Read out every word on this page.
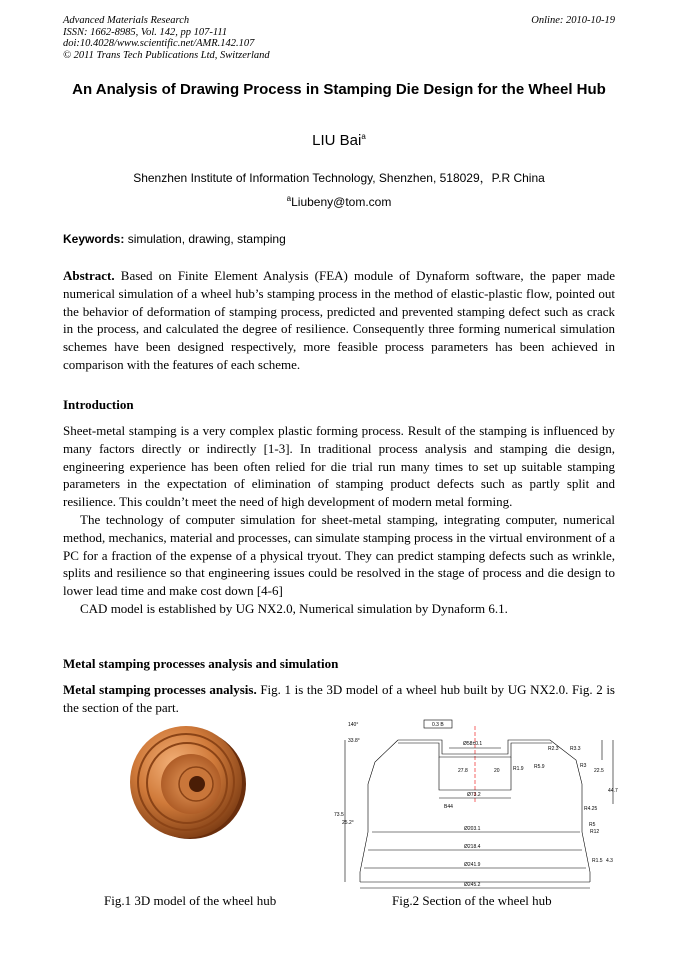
Advanced Materials Research
ISSN: 1662-8985, Vol. 142, pp 107-111
doi:10.4028/www.scientific.net/AMR.142.107
© 2011 Trans Tech Publications Ltd, Switzerland
Online: 2010-10-19
An Analysis of Drawing Process in Stamping Die Design for the Wheel Hub
LIU Bai$^a$
Shenzhen Institute of Information Technology, Shenzhen, 518029，P.R China
$^a$Liubeny@tom.com
Keywords: simulation, drawing, stamping
Abstract. Based on Finite Element Analysis (FEA) module of Dynaform software, the paper made numerical simulation of a wheel hub’s stamping process in the method of elastic-plastic flow, pointed out the behavior of deformation of stamping process, predicted and prevented stamping defect such as crack in the process, and calculated the degree of resilience. Consequently three forming numerical simulation schemes have been designed respectively, more feasible process parameters has been achieved in comparison with the features of each scheme.
Introduction
Sheet-metal stamping is a very complex plastic forming process. Result of the stamping is influenced by many factors directly or indirectly [1-3]. In traditional process analysis and stamping die design, engineering experience has been often relied for die trial run many times to set up suitable stamping parameters in the expectation of elimination of stamping product defects such as partly split and resilience. This couldn’t meet the need of high development of modern metal forming.
The technology of computer simulation for sheet-metal stamping, integrating computer, numerical method, mechanics, material and processes, can simulate stamping process in the virtual environment of a PC for a fraction of the expense of a physical tryout. They can predict stamping defects such as wrinkle, splits and resilience so that engineering issues could be resolved in the stage of process and die design to lower lead time and make cost down [4-6]
CAD model is established by UG NX2.0, Numerical simulation by Dynaform 6.1.
Metal stamping processes analysis and simulation
Metal stamping processes analysis. Fig. 1 is the 3D model of a wheel hub built by UG NX2.0. Fig. 2 is the section of the part.
140°
33.8°
25.2°
0.3 B
Ø58±0.1
R2.3 R3.3
R3
R5.9
27.8	20	R1.9	22.5
44.7
Ø73.2
B44	R4.25
Ø203.1
R5
R12
Ø218.4
73.5
R1.5
Ø241.9
4.3
Ø245.2
Fig.1 3D model of the wheel hub	Fig.2 Section of the wheel hub
